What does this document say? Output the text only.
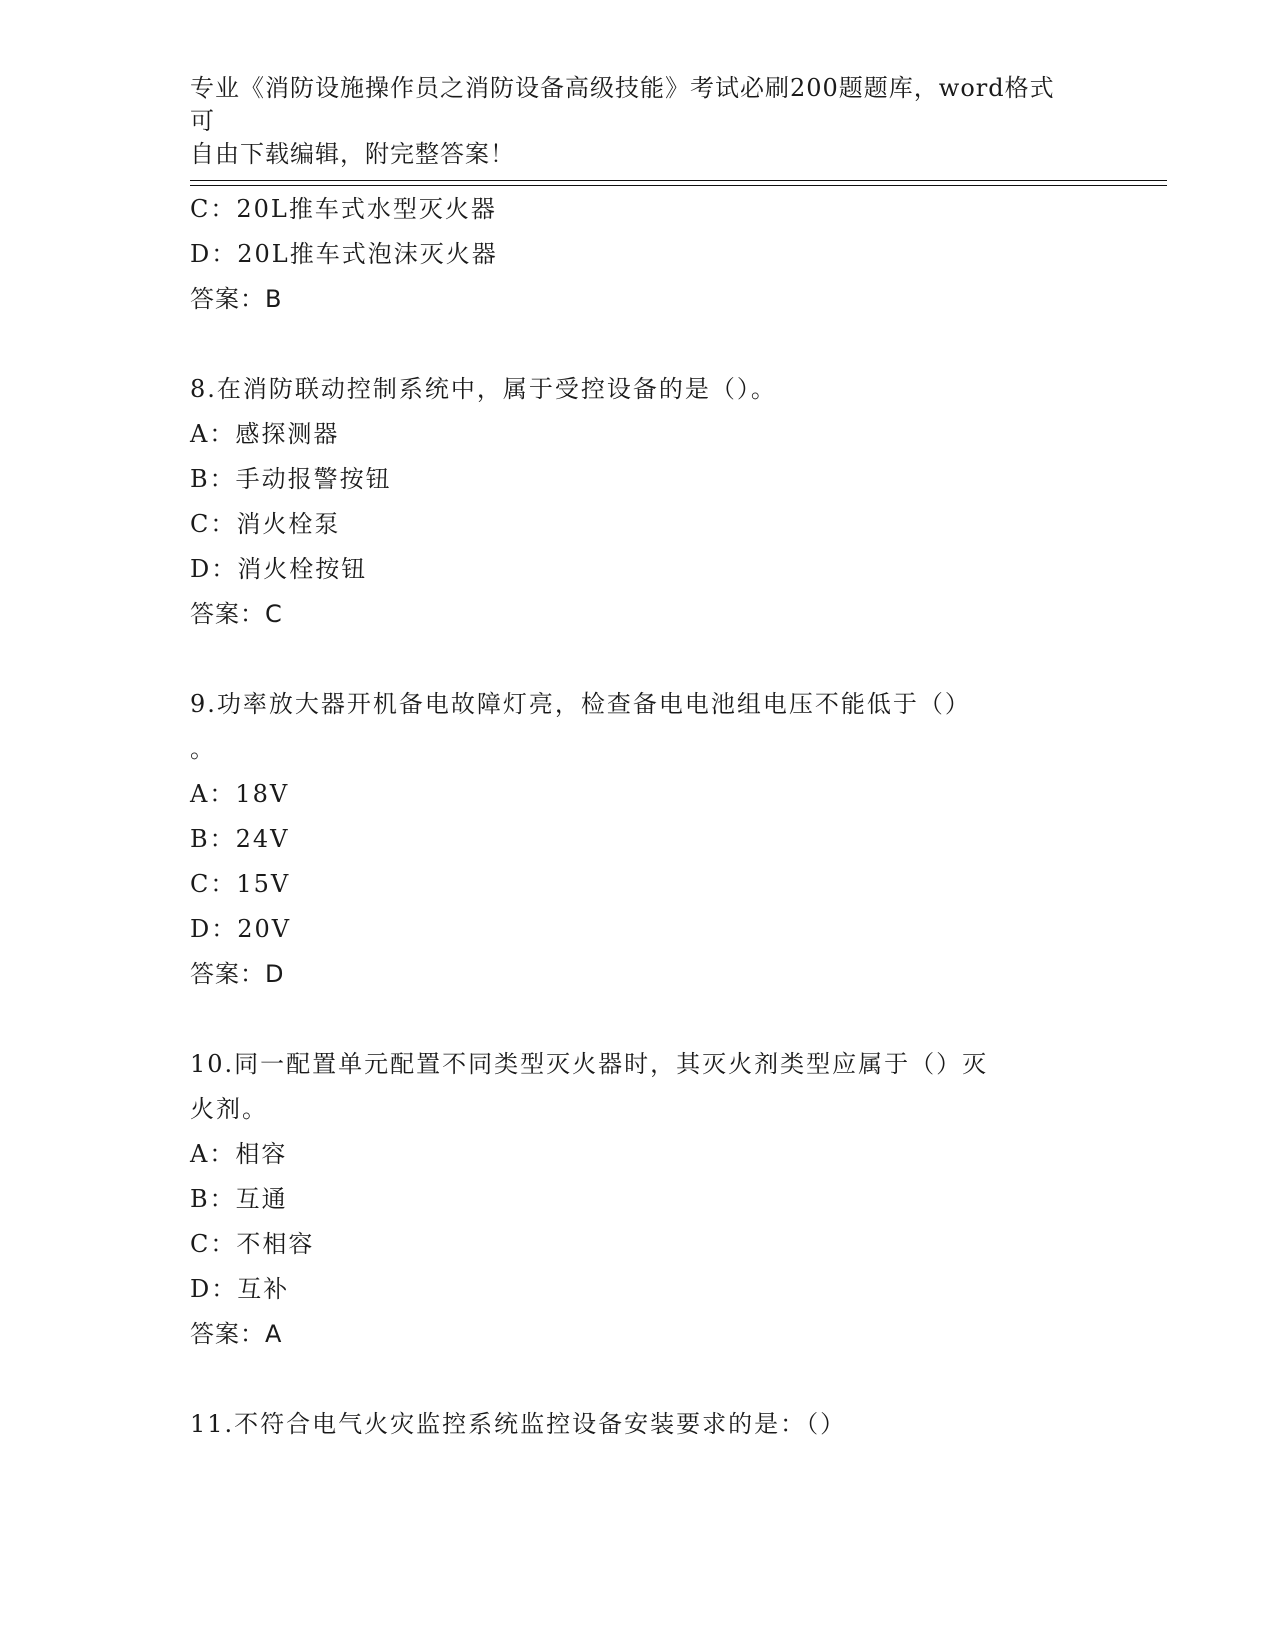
专业《消防设施操作员之消防设备高级技能》考试必刷200题题库，word格式可
自由下载编辑，附完整答案！
C：20L推车式水型灭火器
D：20L推车式泡沫灭火器
答案：B
8.在消防联动控制系统中，属于受控设备的是（）。
A：感探测器
B：手动报警按钮
C：消火栓泵
D：消火栓按钮
答案：C
9.功率放大器开机备电故障灯亮，检查备电电池组电压不能低于（）
。
A：18V
B：24V
C：15V
D：20V
答案：D
10.同一配置单元配置不同类型灭火器时，其灭火剂类型应属于（）灭
火剂。
A：相容
B：互通
C：不相容
D：互补
答案：A
11.不符合电气火灾监控系统监控设备安装要求的是：（）
